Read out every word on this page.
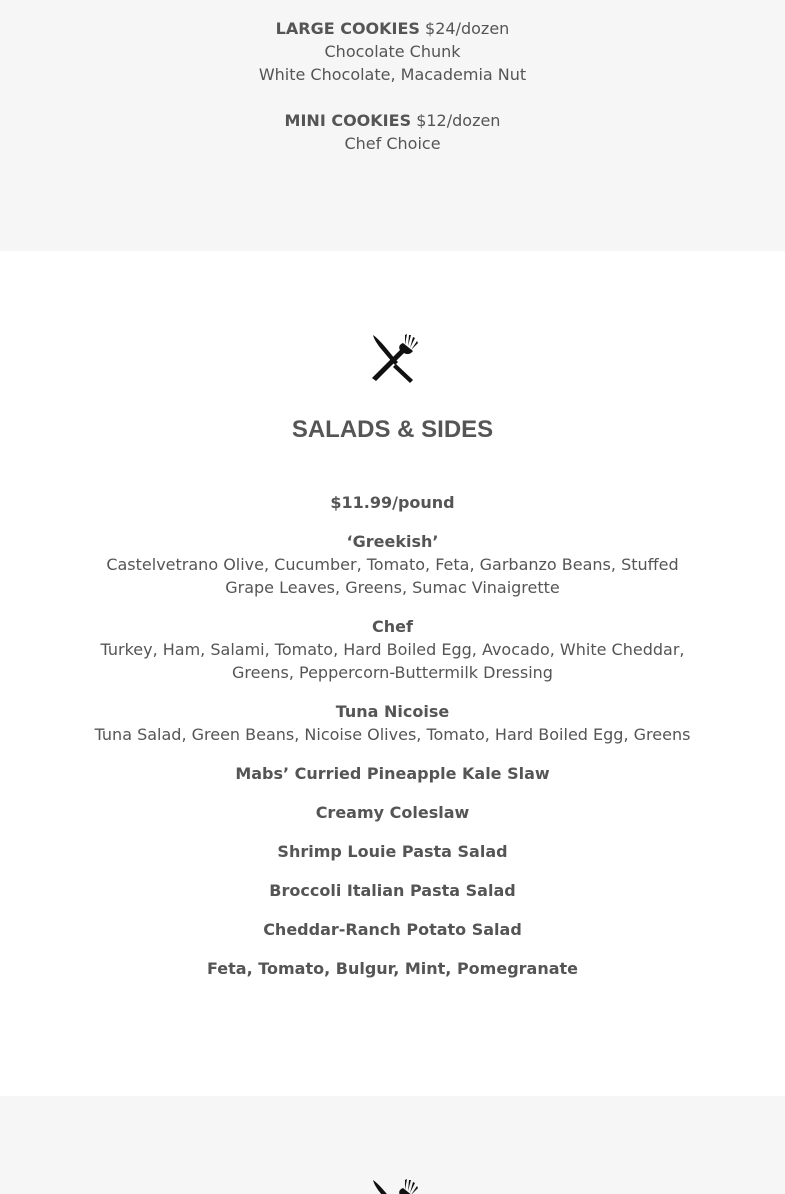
LARGE COOKIES $24/dozen
Chocolate Chunk
White Chocolate, Macademia Nut
MINI COOKIES $12/dozen
Chef Choice
SALADS & SIDES
$11.99/pound
‘Greekish’
Castelvetrano Olive, Cucumber, Tomato, Feta, Garbanzo Beans, Stuffed Grape Leaves, Greens, Sumac Vinaigrette
Chef
Turkey, Ham, Salami, Tomato, Hard Boiled Egg, Avocado, White Cheddar, Greens, Peppercorn-Buttermilk Dressing
Tuna Nicoise
Tuna Salad, Green Beans, Nicoise Olives, Tomato, Hard Boiled Egg, Greens
Mabs’ Curried Pineapple Kale Slaw
Creamy Coleslaw
Shrimp Louie Pasta Salad
Broccoli Italian Pasta Salad
Cheddar-Ranch Potato Salad
Feta, Tomato, Bulgur, Mint, Pomegranate
